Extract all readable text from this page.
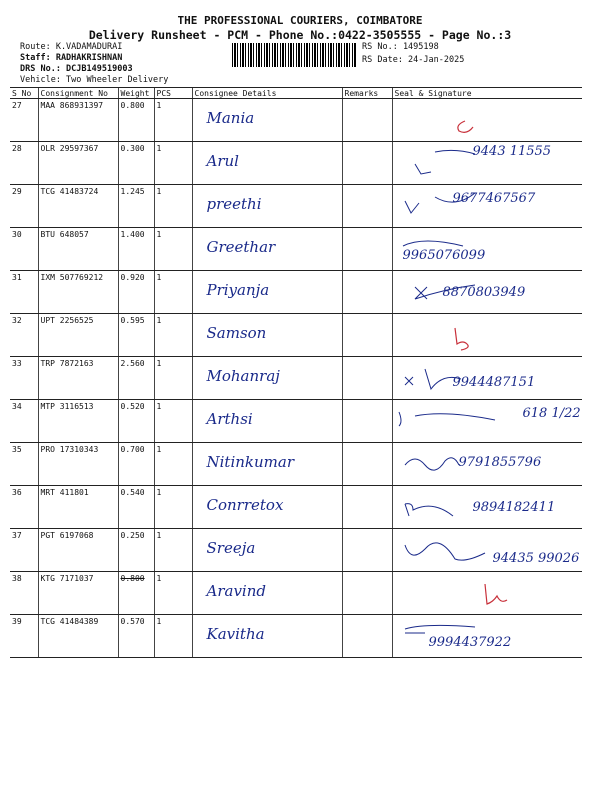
THE PROFESSIONAL COURIERS, COIMBATORE
Delivery Runsheet - PCM - Phone No.:0422-3505555 - Page No.:3
Route: K.VADAMADURAI
Staff: RADHAKRISHNAN
DRS No.: DCJB149519003
Vehicle: Two Wheeler Delivery
RS No.: 1495198
RS Date: 24-Jan-2025
S No	Consignment No	Weight	PCS	Consignee Details	Remarks	Seal & Signature
27	MAA 868931397	0.800	1	Mania

28	OLR 29597367	0.300	1	Arul		9443 11555

29	TCG 41483724	1.245	1	preethi		9677467567

30	BTU 648057	1.400	1	Greethar		9965076099

31	IXM 507769212	0.920	1	Priyanja		8870803949

32	UPT 2256525	0.595	1	Samson

33	TRP 7872163	2.560	1	Mohanraj		9944487151

34	MTP 3116513	0.520	1	Arthsi		618 1/22

35	PRO 17310343	0.700	1	Nitinkumar		9791855796

36	MRT 411801	0.540	1	Conrretox		9894182411

37	PGT 6197068	0.250	1	Sreeja		94435 99026

38	KTG 7171037	0.800	1	Aravind

39	TCG 41484389	0.570	1	Kavitha		9994437922
